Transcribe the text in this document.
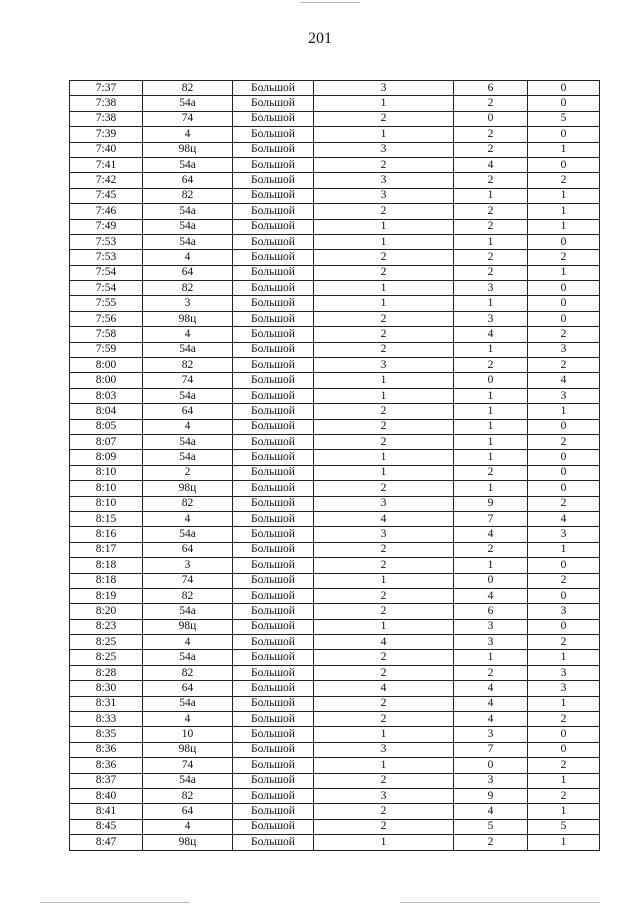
201
7:37	82	Большой	3	6	0
7:38	54а	Большой	1	2	0
7:38	74	Большой	2	0	5
7:39	4	Большой	1	2	0
7:40	98ц	Большой	3	2	1
7:41	54а	Большой	2	4	0
7:42	64	Большой	3	2	2
7:45	82	Большой	3	1	1
7:46	54а	Большой	2	2	1
7:49	54а	Большой	1	2	1
7:53	54а	Большой	1	1	0
7:53	4	Большой	2	2	2
7:54	64	Большой	2	2	1
7:54	82	Большой	1	3	0
7:55	3	Большой	1	1	0
7:56	98ц	Большой	2	3	0
7:58	4	Большой	2	4	2
7:59	54а	Большой	2	1	3
8:00	82	Большой	3	2	2
8:00	74	Большой	1	0	4
8:03	54а	Большой	1	1	3
8:04	64	Большой	2	1	1
8:05	4	Большой	2	1	0
8:07	54а	Большой	2	1	2
8:09	54а	Большой	1	1	0
8:10	2	Большой	1	2	0
8:10	98ц	Большой	2	1	0
8:10	82	Большой	3	9	2
8:15	4	Большой	4	7	4
8:16	54а	Большой	3	4	3
8:17	64	Большой	2	2	1
8:18	3	Большой	2	1	0
8:18	74	Большой	1	0	2
8:19	82	Большой	2	4	0
8:20	54а	Большой	2	6	3
8:23	98ц	Большой	1	3	0
8:25	4	Большой	4	3	2
8:25	54а	Большой	2	1	1
8:28	82	Большой	2	2	3
8:30	64	Большой	4	4	3
8:31	54а	Большой	2	4	1
8:33	4	Большой	2	4	2
8:35	10	Большой	1	3	0
8:36	98ц	Большой	3	7	0
8:36	74	Большой	1	0	2
8:37	54а	Большой	2	3	1
8:40	82	Большой	3	9	2
8:41	64	Большой	2	4	1
8:45	4	Большой	2	5	5
8:47	98ц	Большой	1	2	1
